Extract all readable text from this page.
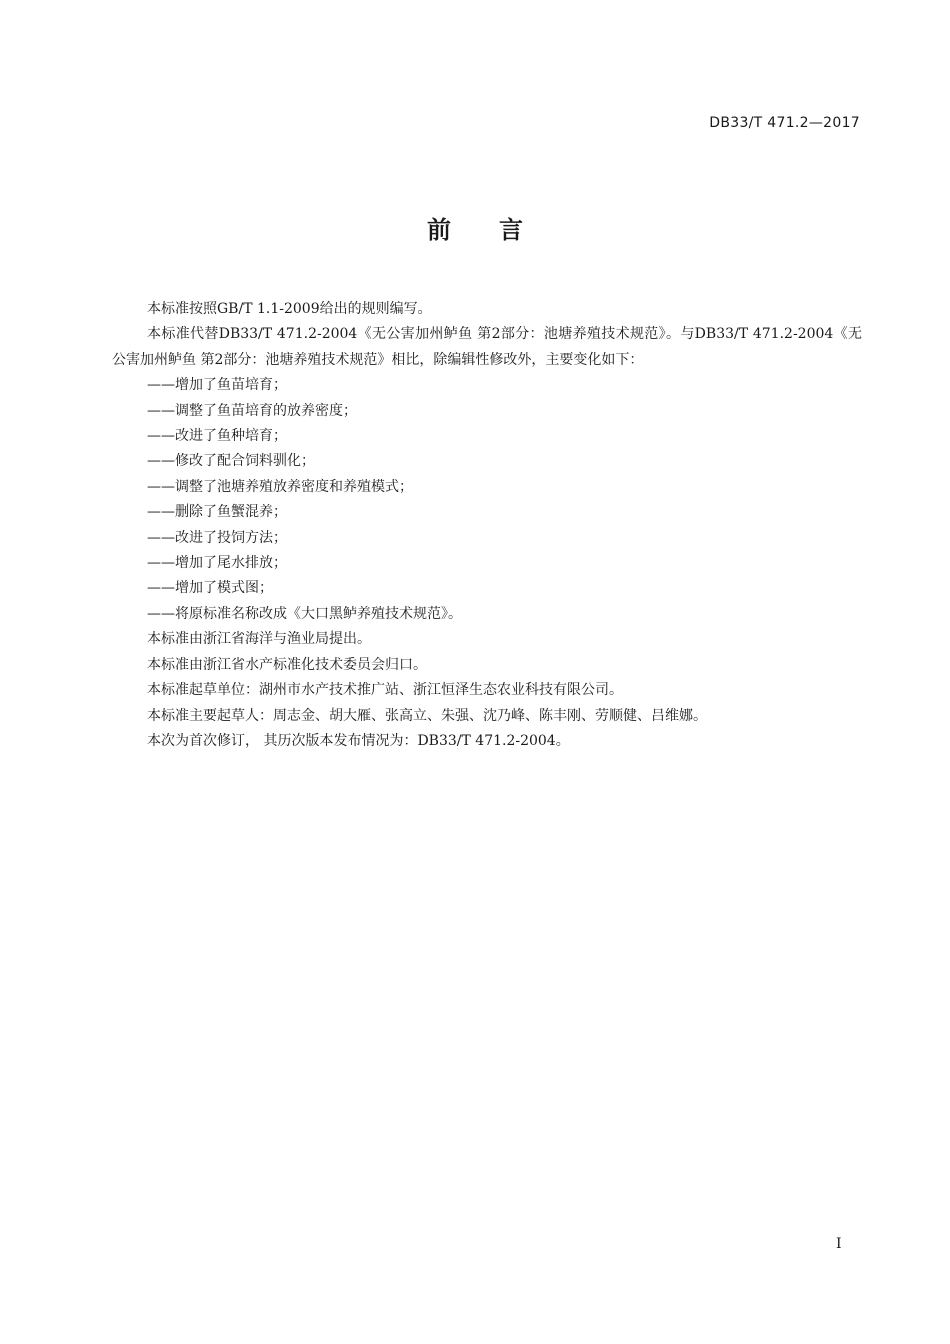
DB33/T 471.2—2017
前言

本标准按照GB/T 1.1-2009给出的规则编写。

本标准代替DB33/T 471.2-2004《无公害加州鲈鱼 第2部分：池塘养殖技术规范》。与DB33/T 471.2-2004《无公害加州鲈鱼 第2部分：池塘养殖技术规范》相比，除编辑性修改外，主要变化如下：

——增加了鱼苗培育；

——调整了鱼苗培育的放养密度；

——改进了鱼种培育；

——修改了配合饲料驯化；

——调整了池塘养殖放养密度和养殖模式；

——删除了鱼蟹混养；

——改进了投饲方法；

——增加了尾水排放；

——增加了模式图；

——将原标准名称改成《大口黑鲈养殖技术规范》。

本标准由浙江省海洋与渔业局提出。

本标准由浙江省水产标准化技术委员会归口。

本标准起草单位：湖州市水产技术推广站、浙江恒泽生态农业科技有限公司。

本标准主要起草人：周志金、胡大雁、张高立、朱强、沈乃峰、陈丰刚、劳顺健、吕维娜。

本次为首次修订， 其历次版本发布情况为：DB33/T 471.2-2004。

I
